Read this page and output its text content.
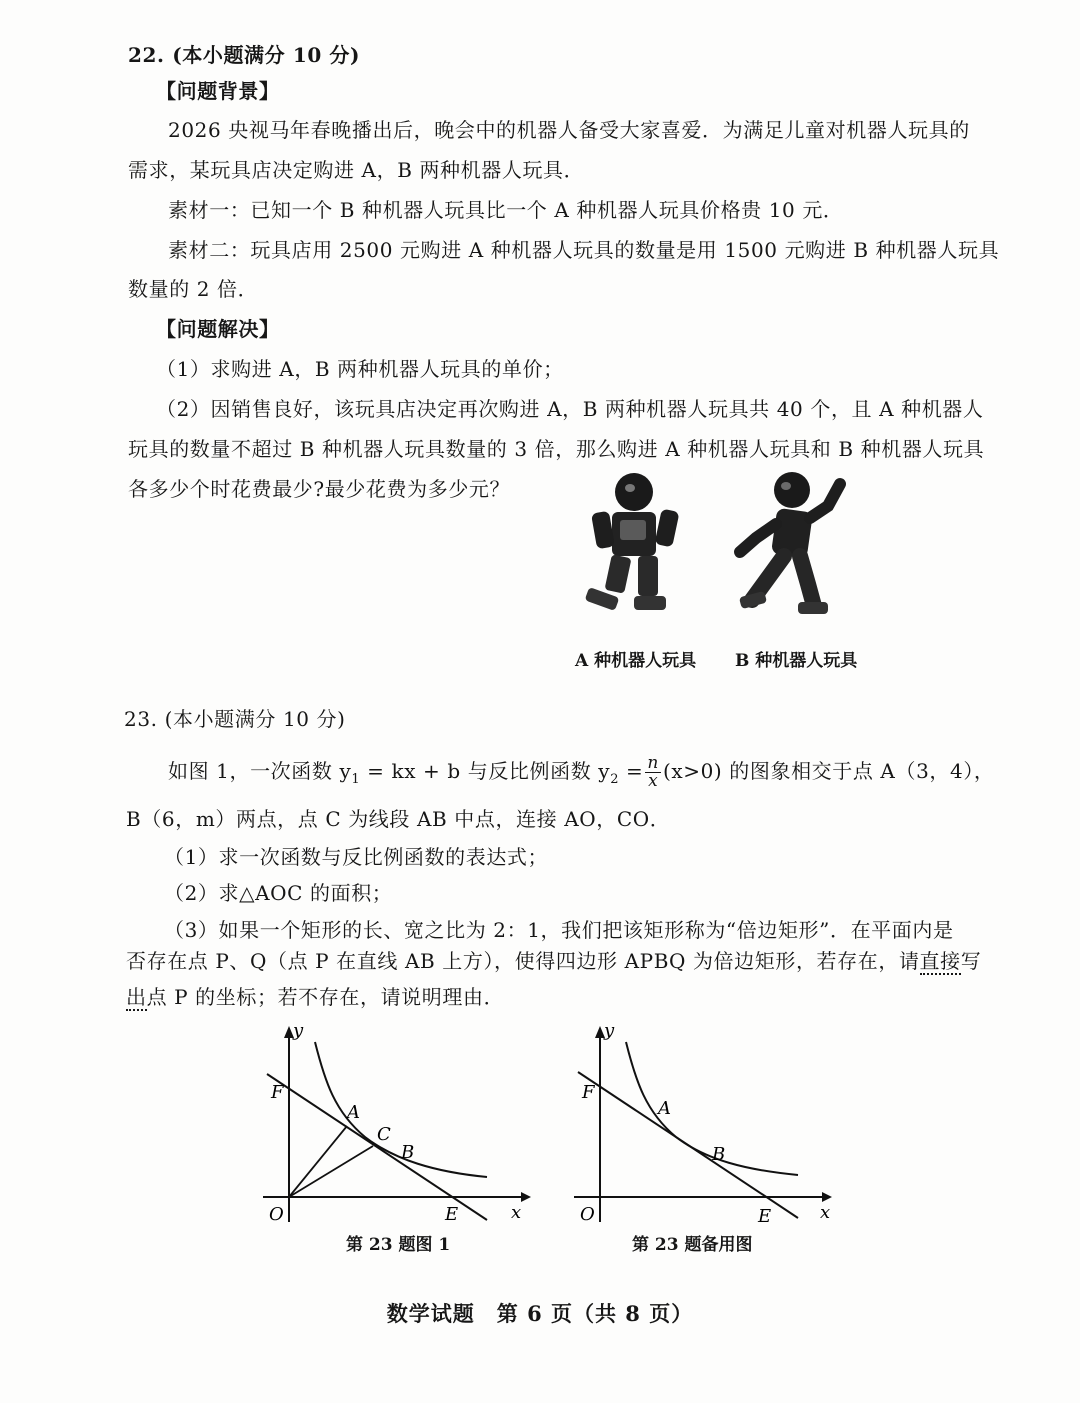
22. (本小题满分 10 分)
【问题背景】
2026 央视马年春晚播出后，晚会中的机器人备受大家喜爱．为满足儿童对机器人玩具的
需求，某玩具店决定购进 A，B 两种机器人玩具．
素材一：已知一个 B 种机器人玩具比一个 A 种机器人玩具价格贵 10 元．
素材二：玩具店用 2500 元购进 A 种机器人玩具的数量是用 1500 元购进 B 种机器人玩具
数量的 2 倍．
【问题解决】
（1）求购进 A，B 两种机器人玩具的单价；
（2）因销售良好，该玩具店决定再次购进 A，B 两种机器人玩具共 40 个，且 A 种机器人
玩具的数量不超过 B 种机器人玩具数量的 3 倍，那么购进 A 种机器人玩具和 B 种机器人玩具
各多少个时花费最少?最少花费为多少元？
A 种机器人玩具 B 种机器人玩具
23. (本小题满分 10 分)
如图 1，一次函数 $y_1$ = kx + b 与反比例函数 $y_2 = \frac{n}{x} (x>0)$ 的图象相交于点 A（3，4），
B（6，m）两点，点 C 为线段 AB 中点，连接 AO，CO．
（1）求一次函数与反比例函数的表达式；
（2）求△AOC 的面积；
（3）如果一个矩形的长、宽之比为 2：1，我们把该矩形称为“倍边矩形”．在平面内是
否存在点 P、Q（点 P 在直线 AB 上方），使得四边形 APBQ 为倍边矩形，若存在，请直接写
出点 P 的坐标；若不存在，请说明理由．
F
y
A
C
B
O	E	x
第 23 题图 1
F
y
A
B
O	E	x
第 23 题备用图
数学试题　第 6 页（共 8 页）
